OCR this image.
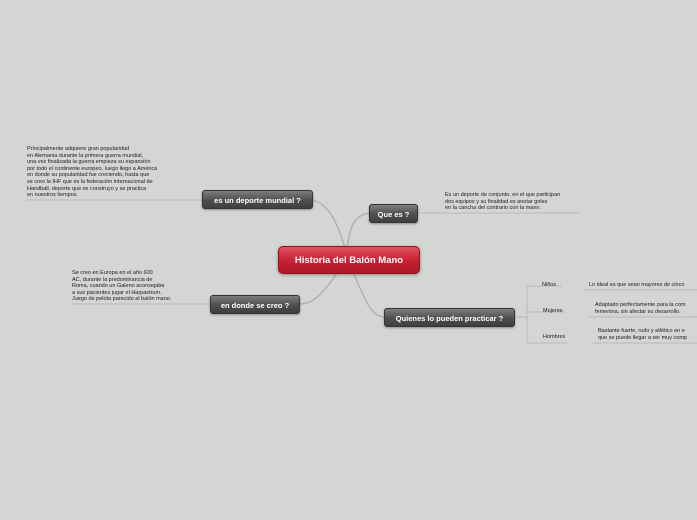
Historia del Balón Mano
es un deporte mundial ?
Que es ?
en donde se creo ?
Quienes lo pueden practicar ?
Principalmente adquiere gran popularidad
en Alemania durante la primera guerra mundial,
una vez finalizada la guerra empieza su expansión
por todo el continente europeo, luego llego a América
en donde su popularidad fue creciendo, hasta que
se creo la IHF que es la federación internacional de
Handball, deporte que se construyo y se practica
en nuestros tiempos.	Es un deporte de conjunto, en el que participan
dos equipos y su finalidad es anotar goles
en la cancha del contrario con la mano.
Se creo en Europa en el año 600
AC, durante la predominancia de
Roma, cuando un Galeno aconsejaba
a sus pacientes jugar el Harpastrum.
Juego de pelota parecido al balón mano.
Niños
Mujeres
Hombres
Lo ideal es que sean mayores de cinco
Adaptado perfectamente para la com
femenina, sin afectar su desarrollo.
Bastante fuerte, rudo y atlético en e
que se puede llegar a ser muy comp
